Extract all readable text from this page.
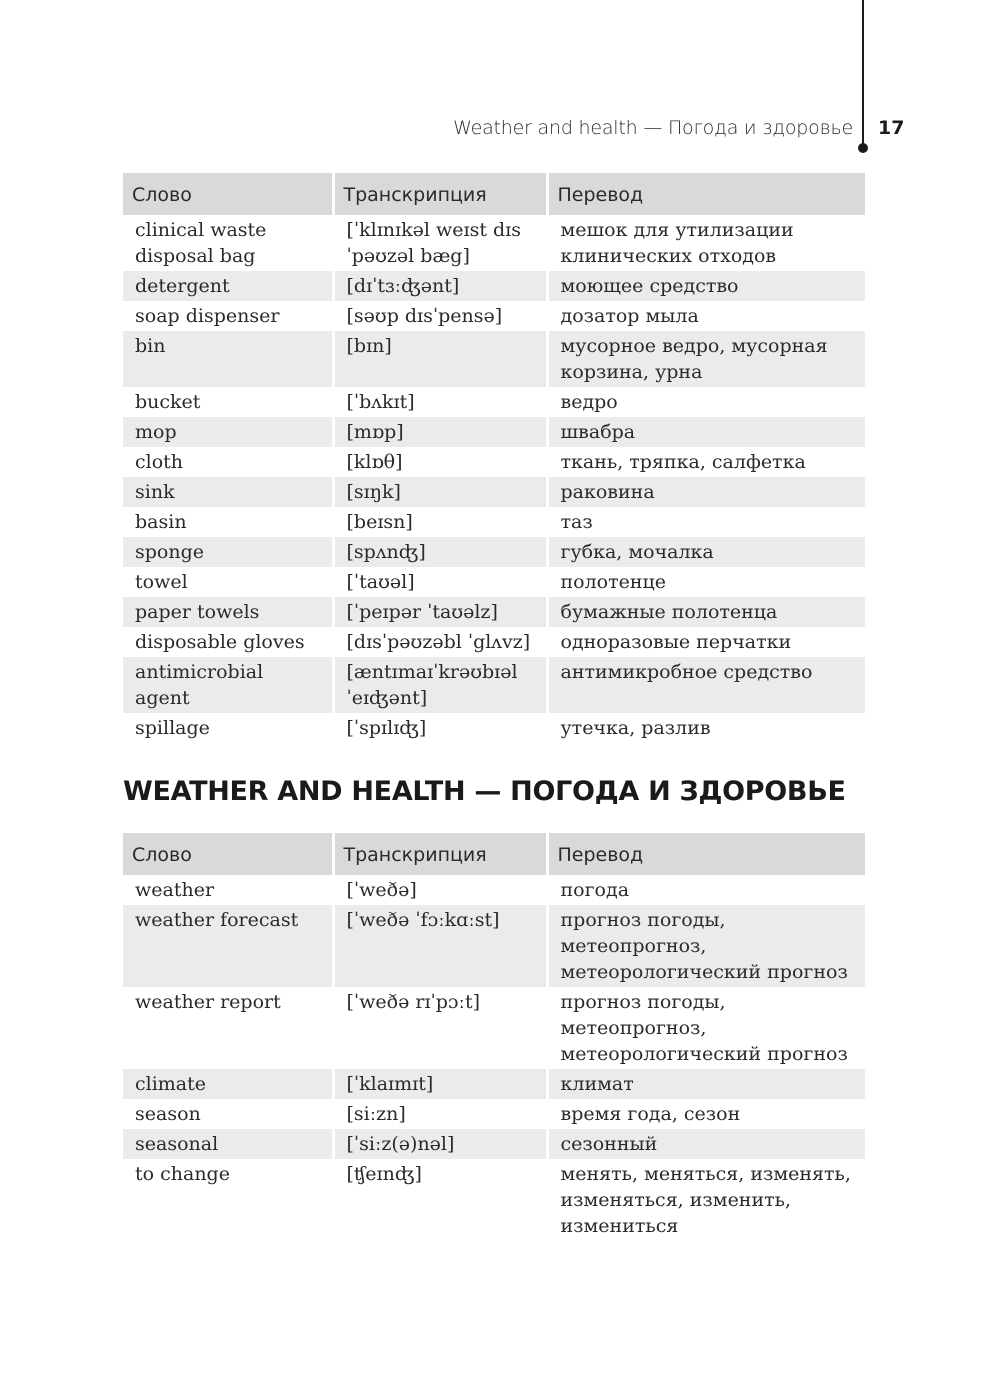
Weather and health — Погода и здоровье 17
Слово	Транскрипция	Перевод
clinical waste disposal bag	[ˈklɪnɪkəl weɪst dɪsˈpəʊzəl bæg]	мешок для утилизации клинических отходов
detergent	[dɪˈtɜːʤənt]	моющее средство
soap dispenser	[səʊp dɪsˈpensə]	дозатор мыла
bin	[bɪn]	мусорное ведро, мусорная корзина, урна
bucket	[ˈbʌkɪt]	ведро
mop	[mɒp]	швабра
cloth	[klɒθ]	ткань, тряпка, салфетка
sink	[sɪŋk]	раковина
basin	[beɪsn]	таз
sponge	[spʌnʤ]	губка, мочалка
towel	[ˈtaʊəl]	полотенце
paper towels	[ˈpeɪpər ˈtaʊəlz]	бумажные полотенца
disposable gloves	[dɪsˈpəʊzəbl ˈglʌvz]	одноразовые перчатки
antimicrobial agent	[æntɪmaɪˈkrəʊbɪəl ˈeɪʤənt]	антимикробное средство
spillage	[ˈspɪlɪʤ]	утечка, разлив
WEATHER AND HEALTH — ПОГОДА И ЗДОРОВЬЕ
Слово	Транскрипция	Перевод
weather	[ˈweðə]	погода
weather forecast	[ˈweðə ˈfɔːkɑːst]	прогноз погоды, метеопрогноз, метеорологический прогноз
weather report	[ˈweðə rɪˈpɔːt]	прогноз погоды, метеопрогноз, метеорологический прогноз
climate	[ˈklaɪmɪt]	климат
season	[siːzn]	время года, сезон
seasonal	[ˈsiːz(ə)nəl]	сезонный
to change	[ʧeɪnʤ]	менять, меняться, изменять, изменяться, изменить, измениться
